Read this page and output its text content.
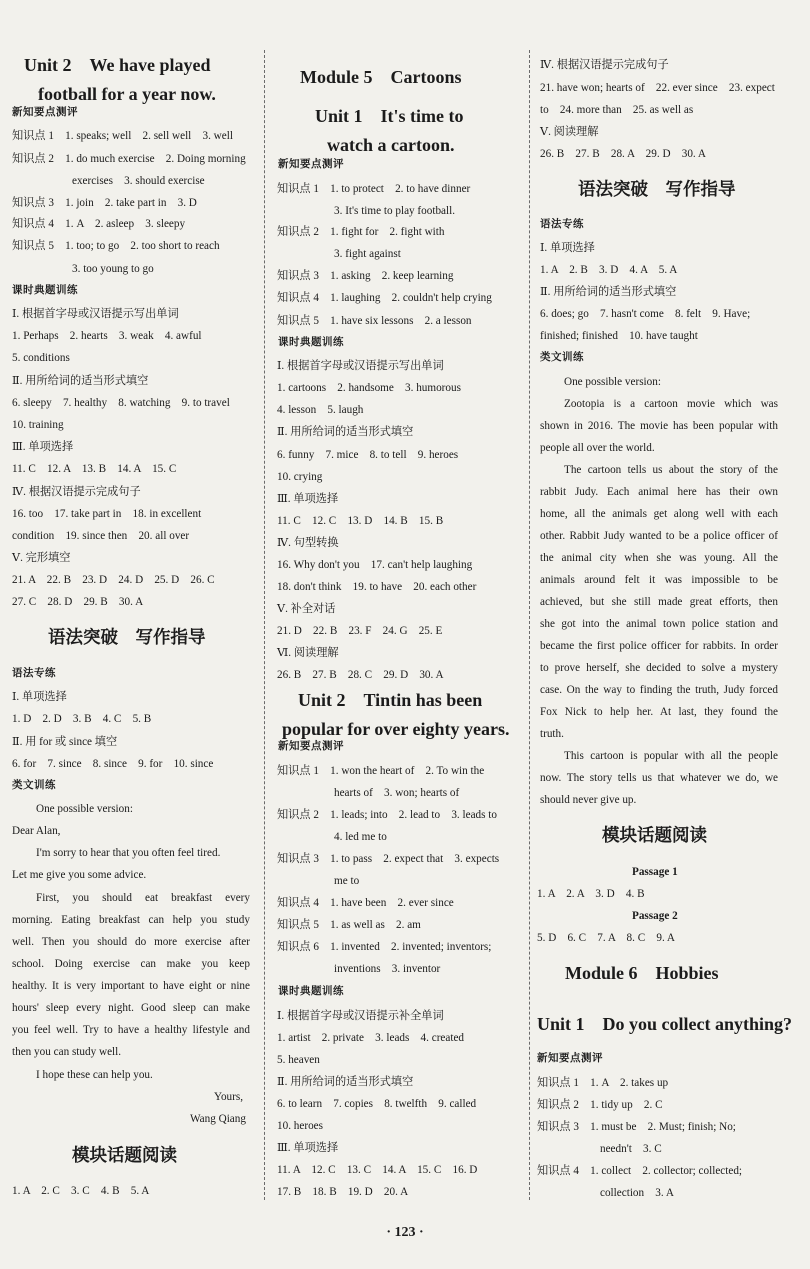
Unit 2　We have played
football for a year now.
新知要点测评
知识点 1　1. speaks; well　2. sell well　3. well
知识点 2　1. do much exercise　2. Doing morning
exercises　3. should exercise
知识点 3　1. join　2. take part in　3. D
知识点 4　1. A　2. asleep　3. sleepy
知识点 5　1. too; to go　2. too short to reach
3. too young to go
课时典题训练
Ⅰ. 根据首字母或汉语提示写出单词
1. Perhaps　2. hearts　3. weak　4. awful
5. conditions
Ⅱ. 用所给词的适当形式填空
6. sleepy　7. healthy　8. watching　9. to travel
10. training
Ⅲ. 单项选择
11. C　12. A　13. B　14. A　15. C
Ⅳ. 根据汉语提示完成句子
16. too　17. take part in　18. in excellent
condition　19. since then　20. all over
Ⅴ. 完形填空
21. A　22. B　23. D　24. D　25. D　26. C
27. C　28. D　29. B　30. A
语法突破　写作指导
语法专练
Ⅰ. 单项选择
1. D　2. D　3. B　4. C　5. B
Ⅱ. 用 for 或 since 填空
6. for　7. since　8. since　9. for　10. since
类文训练
One possible version:
Dear Alan,
I'm sorry to hear that you often feel tired.
Let me give you some advice.
First, you should eat breakfast every
morning. Eating breakfast can help you study
well. Then you should do more exercise after
school. Doing exercise can make you keep
healthy. It is very important to have eight or nine
hours' sleep every night. Good sleep can make
you feel well. Try to have a healthy lifestyle and
then you can study well.
I hope these can help you.
Yours,
Wang Qiang
模块话题阅读
1. A　2. C　3. C　4. B　5. A
Module 5　Cartoons
Unit 1　It's time to
watch a cartoon.
新知要点测评
知识点 1　1. to protect　2. to have dinner
3. It's time to play football.
知识点 2　1. fight for　2. fight with
3. fight against
知识点 3　1. asking　2. keep learning
知识点 4　1. laughing　2. couldn't help crying
知识点 5　1. have six lessons　2. a lesson
课时典题训练
Ⅰ. 根据首字母或汉语提示写出单词
1. cartoons　2. handsome　3. humorous
4. lesson　5. laugh
Ⅱ. 用所给词的适当形式填空
6. funny　7. mice　8. to tell　9. heroes
10. crying
Ⅲ. 单项选择
11. C　12. C　13. D　14. B　15. B
Ⅳ. 句型转换
16. Why don't you　17. can't help laughing
18. don't think　19. to have　20. each other
Ⅴ. 补全对话
21. D　22. B　23. F　24. G　25. E
Ⅵ. 阅读理解
26. B　27. B　28. C　29. D　30. A
Unit 2　Tintin has been
popular for over eighty years.
新知要点测评
知识点 1　1. won the heart of　2. To win the
hearts of　3. won; hearts of
知识点 2　1. leads; into　2. lead to　3. leads to
4. led me to
知识点 3　1. to pass　2. expect that　3. expects
me to
知识点 4　1. have been　2. ever since
知识点 5　1. as well as　2. am
知识点 6　1. invented　2. invented; inventors;
inventions　3. inventor
课时典题训练
Ⅰ. 根据首字母或汉语提示补全单词
1. artist　2. private　3. leads　4. created
5. heaven
Ⅱ. 用所给词的适当形式填空
6. to learn　7. copies　8. twelfth　9. called
10. heroes
Ⅲ. 单项选择
11. A　12. C　13. C　14. A　15. C　16. D
17. B　18. B　19. D　20. A
Ⅳ. 根据汉语提示完成句子
21. have won; hearts of　22. ever since　23. expect
to　24. more than　25. as well as
Ⅴ. 阅读理解
26. B　27. B　28. A　29. D　30. A
语法突破　写作指导
语法专练
Ⅰ. 单项选择
1. A　2. B　3. D　4. A　5. A
Ⅱ. 用所给词的适当形式填空
6. does; go　7. hasn't come　8. felt　9. Have;
finished; finished　10. have taught
类文训练
One possible version:
Zootopia is a cartoon movie which was
shown in 2016. The movie has been popular with
people all over the world.
The cartoon tells us about the story of the
rabbit Judy. Each animal here has their own
home, all the animals get along well with each
other. Rabbit Judy wanted to be a police officer of
the animal city when she was young. All the
animals around felt it was impossible to be
achieved, but she still made great efforts, then
she got into the animal town police station and
became the first police officer for rabbits. In order
to prove herself, she decided to solve a mystery
case. On the way to finding the truth, Judy forced
Fox Nick to help her. At last, they found the
truth.
This cartoon is popular with all the people
now. The story tells us that whatever we do, we
should never give up.
模块话题阅读
Passage 1
1. A　2. A　3. D　4. B
Passage 2
5. D　6. C　7. A　8. C　9. A
Module 6　Hobbies
Unit 1　Do you collect anything?
新知要点测评
知识点 1　1. A　2. takes up
知识点 2　1. tidy up　2. C
知识点 3　1. must be　2. Must; finish; No;
needn't　3. C
知识点 4　1. collect　2. collector; collected;
collection　3. A
· 123 ·
